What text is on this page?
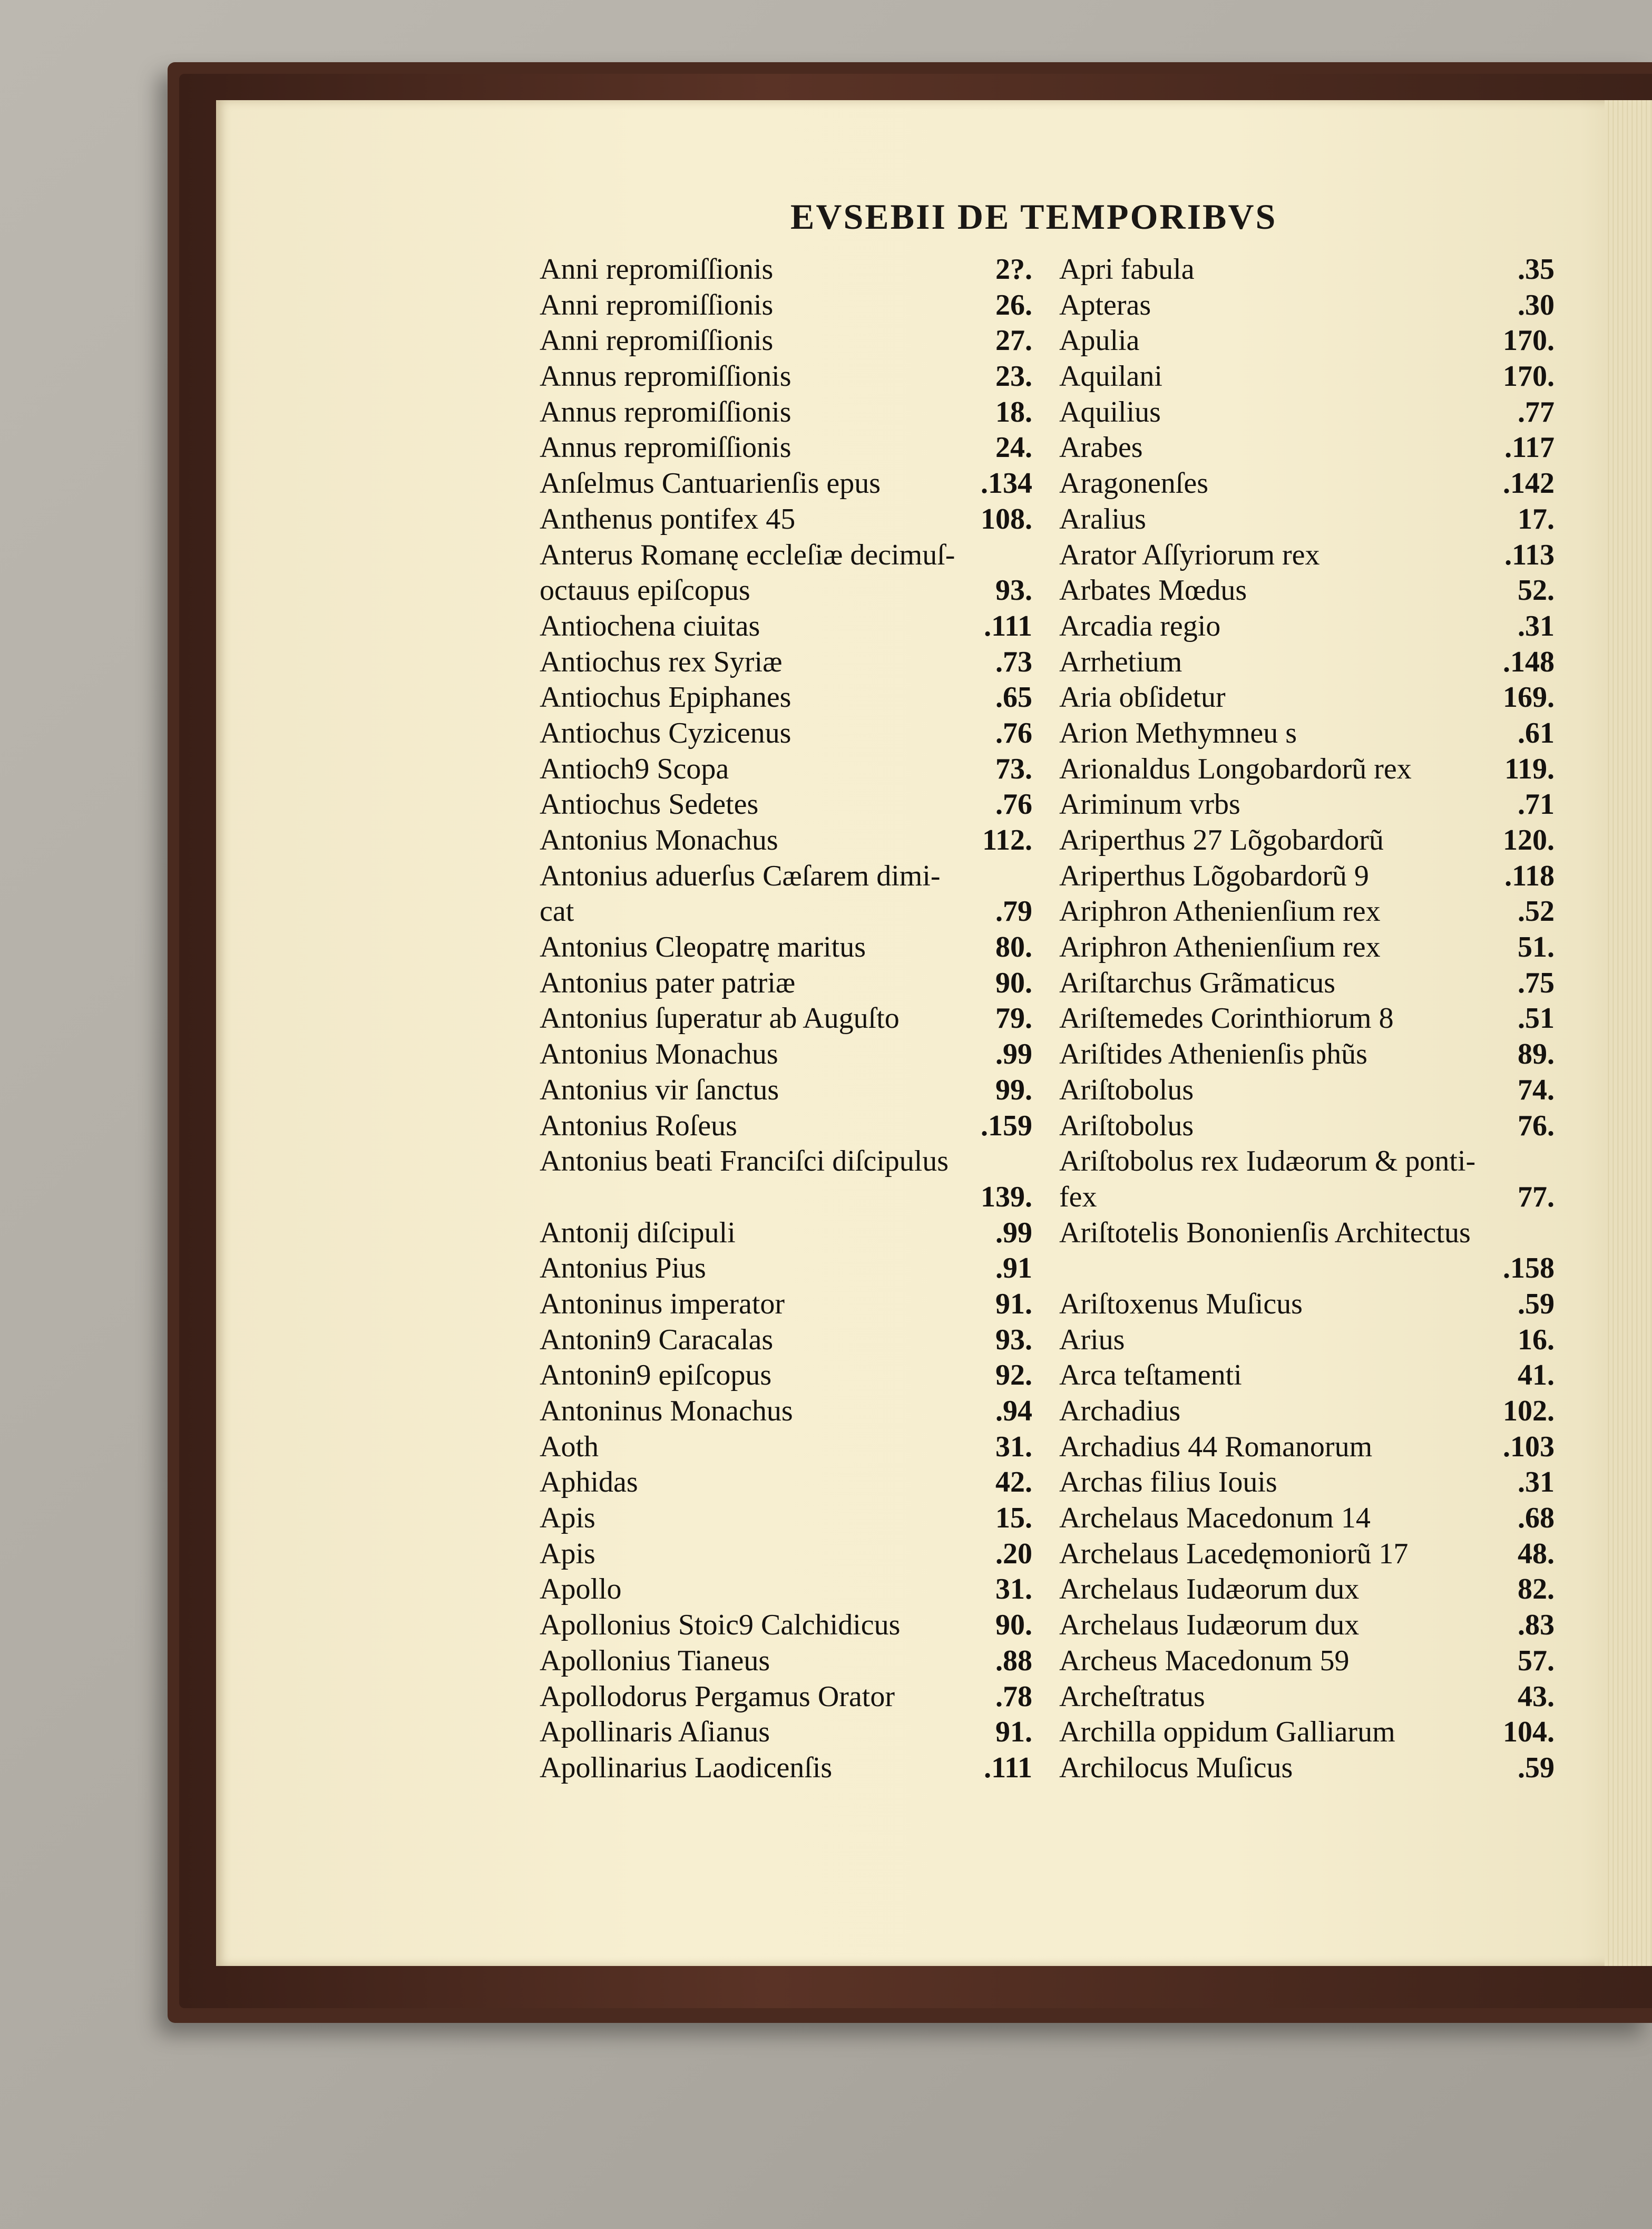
EVSEBII DE TEMPORIBVS
Anni repromiſſionis	2?.
Anni repromiſſionis	26.
Anni repromiſſionis	27.
Annus repromiſſionis	23.
Annus repromiſſionis	18.
Annus repromiſſionis	24.
Anſelmus Cantuarienſis epus	.134
Anthenus pontifex 45	108.
Anterus Romanę eccleſiæ decimuſ-
octauus epiſcopus	93.
Antiochena ciuitas	.111
Antiochus rex Syriæ	.73
Antiochus Epiphanes	.65
Antiochus Cyzicenus	.76
Antioch9 Scopa	73.
Antiochus Sedetes	.76
Antonius Monachus	112.
Antonius aduerſus Cæſarem dimi-
cat	.79
Antonius Cleopatrę maritus	80.
Antonius pater patriæ	90.
Antonius ſuperatur ab Auguſto	79.
Antonius Monachus	.99
Antonius vir ſanctus	99.
Antonius Roſeus	.159
Antonius beati Franciſci diſcipulus
139.
Antonij diſcipuli	.99
Antonius Pius	.91
Antoninus imperator	91.
Antonin9 Caracalas	93.
Antonin9 epiſcopus	92.
Antoninus Monachus	.94
Aoth	31.
Aphidas	42.
Apis	15.
Apis	.20
Apollo	31.
Apollonius Stoic9 Calchidicus	90.
Apollonius Tianeus	.88
Apollodorus Pergamus Orator	.78
Apollinaris Aſianus	91.
Apollinarius Laodicenſis	.111
Apri fabula	.35
Apteras	.30
Apulia	170.
Aquilani	170.
Aquilius	.77
Arabes	.117
Aragonenſes	.142
Aralius	17.
Arator Aſſyriorum rex	.113
Arbates Mœdus	52.
Arcadia regio	.31
Arrhetium	.148
Aria obſidetur	169.
Arion Methymneu s	.61
Arionaldus Longobardorũ rex	119.
Ariminum vrbs	.71
Ariperthus 27 Lõgobardorũ	120.
Ariperthus Lõgobardorũ 9	.118
Ariphron Athenienſium rex	.52
Ariphron Athenienſium rex	51.
Ariſtarchus Grãmaticus	.75
Ariſtemedes Corinthiorum 8	.51
Ariſtides Athenienſis phũs	89.
Ariſtobolus	74.
Ariſtobolus	76.
Ariſtobolus rex Iudæorum & ponti-
fex	77.
Ariſtotelis Bononienſis Architectus
.158
Ariſtoxenus Muſicus	.59
Arius	16.
Arca teſtamenti	41.
Archadius	102.
Archadius 44 Romanorum	.103
Archas filius Iouis	.31
Archelaus Macedonum 14	.68
Archelaus Lacedęmoniorũ 17	48.
Archelaus Iudæorum dux	82.
Archelaus Iudæorum dux	.83
Archeus Macedonum 59	57.
Archeſtratus	43.
Archilla oppidum Galliarum	104.
Archilocus Muſicus	.59
